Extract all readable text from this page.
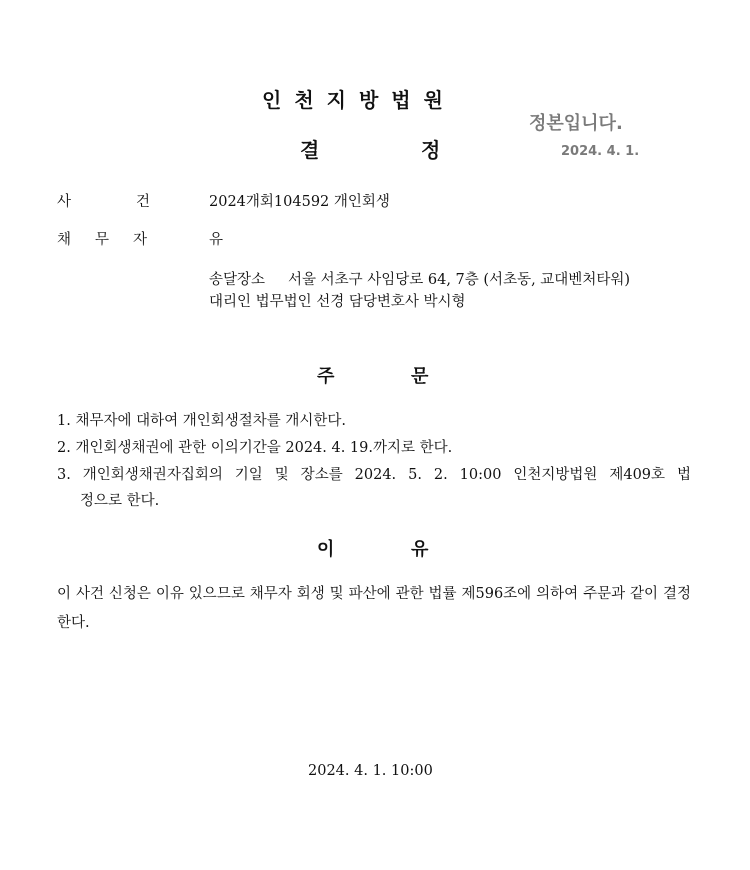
인천지방법원
결	정
정본입니다.
2024. 4. 1.
사	건	2024개회104592 개인회생
채 무 자	유
송달장소 서울 서초구 사임당로 64, 7층 (서초동, 교대벤처타워)
대리인 법무법인 선경 담당변호사 박시형
주	문
1. 채무자에 대하여 개인회생절차를 개시한다.
2. 개인회생채권에 관한 이의기간을 2024. 4. 19.까지로 한다.
3. 개인회생채권자집회의 기일 및 장소를 2024. 5. 2. 10:00 인천지방법원 제409호 법
정으로 한다.
이	유
이 사건 신청은 이유 있으므로 채무자 회생 및 파산에 관한 법률 제596조에 의하여 주문과 같이 결정한다.
2024. 4. 1. 10:00
